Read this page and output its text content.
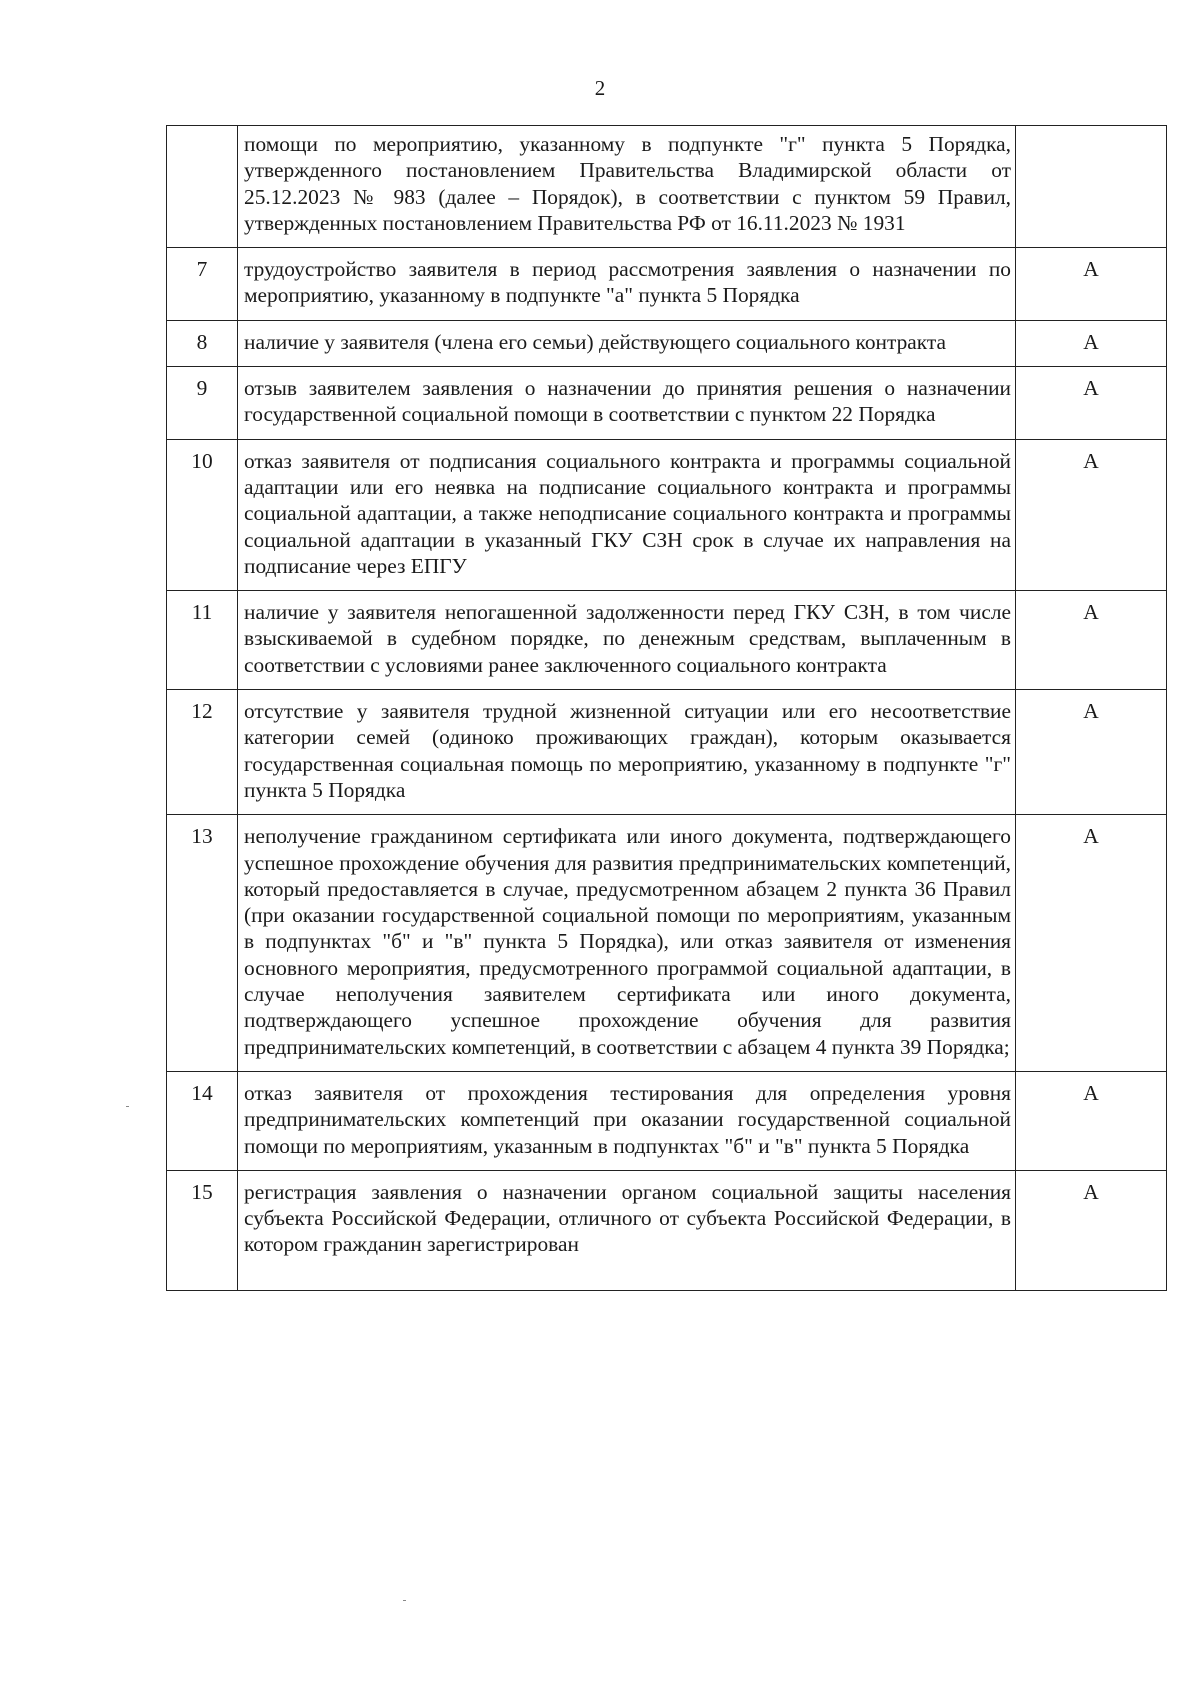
2
	помощи по мероприятию, указанному в подпункте "г" пункта 5 Порядка, утвержденного постановлением Правительства Владимирской области от 25.12.2023 № 983 (далее – Порядок), в соответствии с пунктом 59 Правил, утвержденных постановлением Правительства РФ от 16.11.2023 № 1931	
7	трудоустройство заявителя в период рассмотрения заявления о назначении по мероприятию, указанному в подпункте "а" пункта 5 Порядка	А
8	наличие у заявителя (члена его семьи) действующего социального контракта	А
9	отзыв заявителем заявления о назначении до принятия решения о назначении государственной социальной помощи в соответствии с пунктом 22 Порядка	А
10	отказ заявителя от подписания социального контракта и программы социальной адаптации или его неявка на подписание социального контракта и программы социальной адаптации, а также неподписание социального контракта и программы социальной адаптации в указанный ГКУ СЗН срок в случае их направления на подписание через ЕПГУ	А
11	наличие у заявителя непогашенной задолженности перед ГКУ СЗН, в том числе взыскиваемой в судебном порядке, по денежным средствам, выплаченным в соответствии с условиями ранее заключенного социального контракта	А
12	отсутствие у заявителя трудной жизненной ситуации или его несоответствие категории семей (одиноко проживающих граждан), которым оказывается государственная социальная помощь по мероприятию, указанному в подпункте "г" пункта 5 Порядка	А
13	неполучение гражданином сертификата или иного документа, подтверждающего успешное прохождение обучения для развития предпринимательских компетенций, который предоставляется в случае, предусмотренном абзацем 2 пункта 36 Правил (при оказании государственной социальной помощи по мероприятиям, указанным в подпунктах "б" и "в" пункта 5 Порядка), или отказ заявителя от изменения основного мероприятия, предусмотренного программой социальной адаптации, в случае неполучения заявителем сертификата или иного документа, подтверждающего успешное прохождение обучения для развития предпринимательских компетенций, в соответствии с абзацем 4 пункта 39 Порядка;	А
14	отказ заявителя от прохождения тестирования для определения уровня предпринимательских компетенций при оказании государственной социальной помощи по мероприятиям, указанным в подпунктах "б" и "в" пункта 5 Порядка	А
15	регистрация заявления о назначении органом социальной защиты населения субъекта Российской Федерации, отличного от субъекта Российской Федерации, в котором гражданин зарегистрирован	А
